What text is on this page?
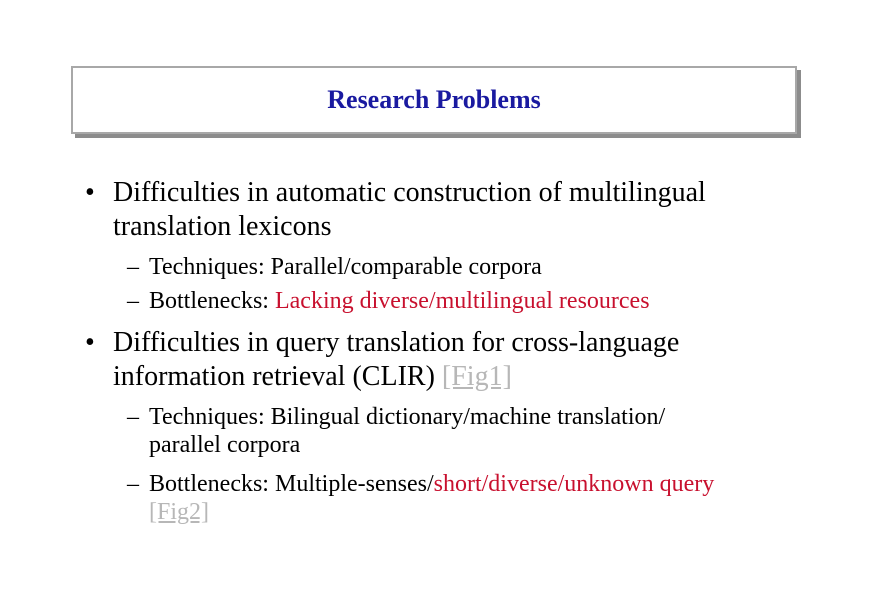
Research Problems
• Difficulties in automatic construction of multilingual
translation lexicons
– Techniques: Parallel/comparable corpora
– Bottlenecks: Lacking diverse/multilingual resources
• Difficulties in query translation for cross-language
information retrieval (CLIR) [Fig1]
– Techniques: Bilingual dictionary/machine translation/
parallel corpora
– Bottlenecks: Multiple-senses/short/diverse/unknown query
[Fig2]
